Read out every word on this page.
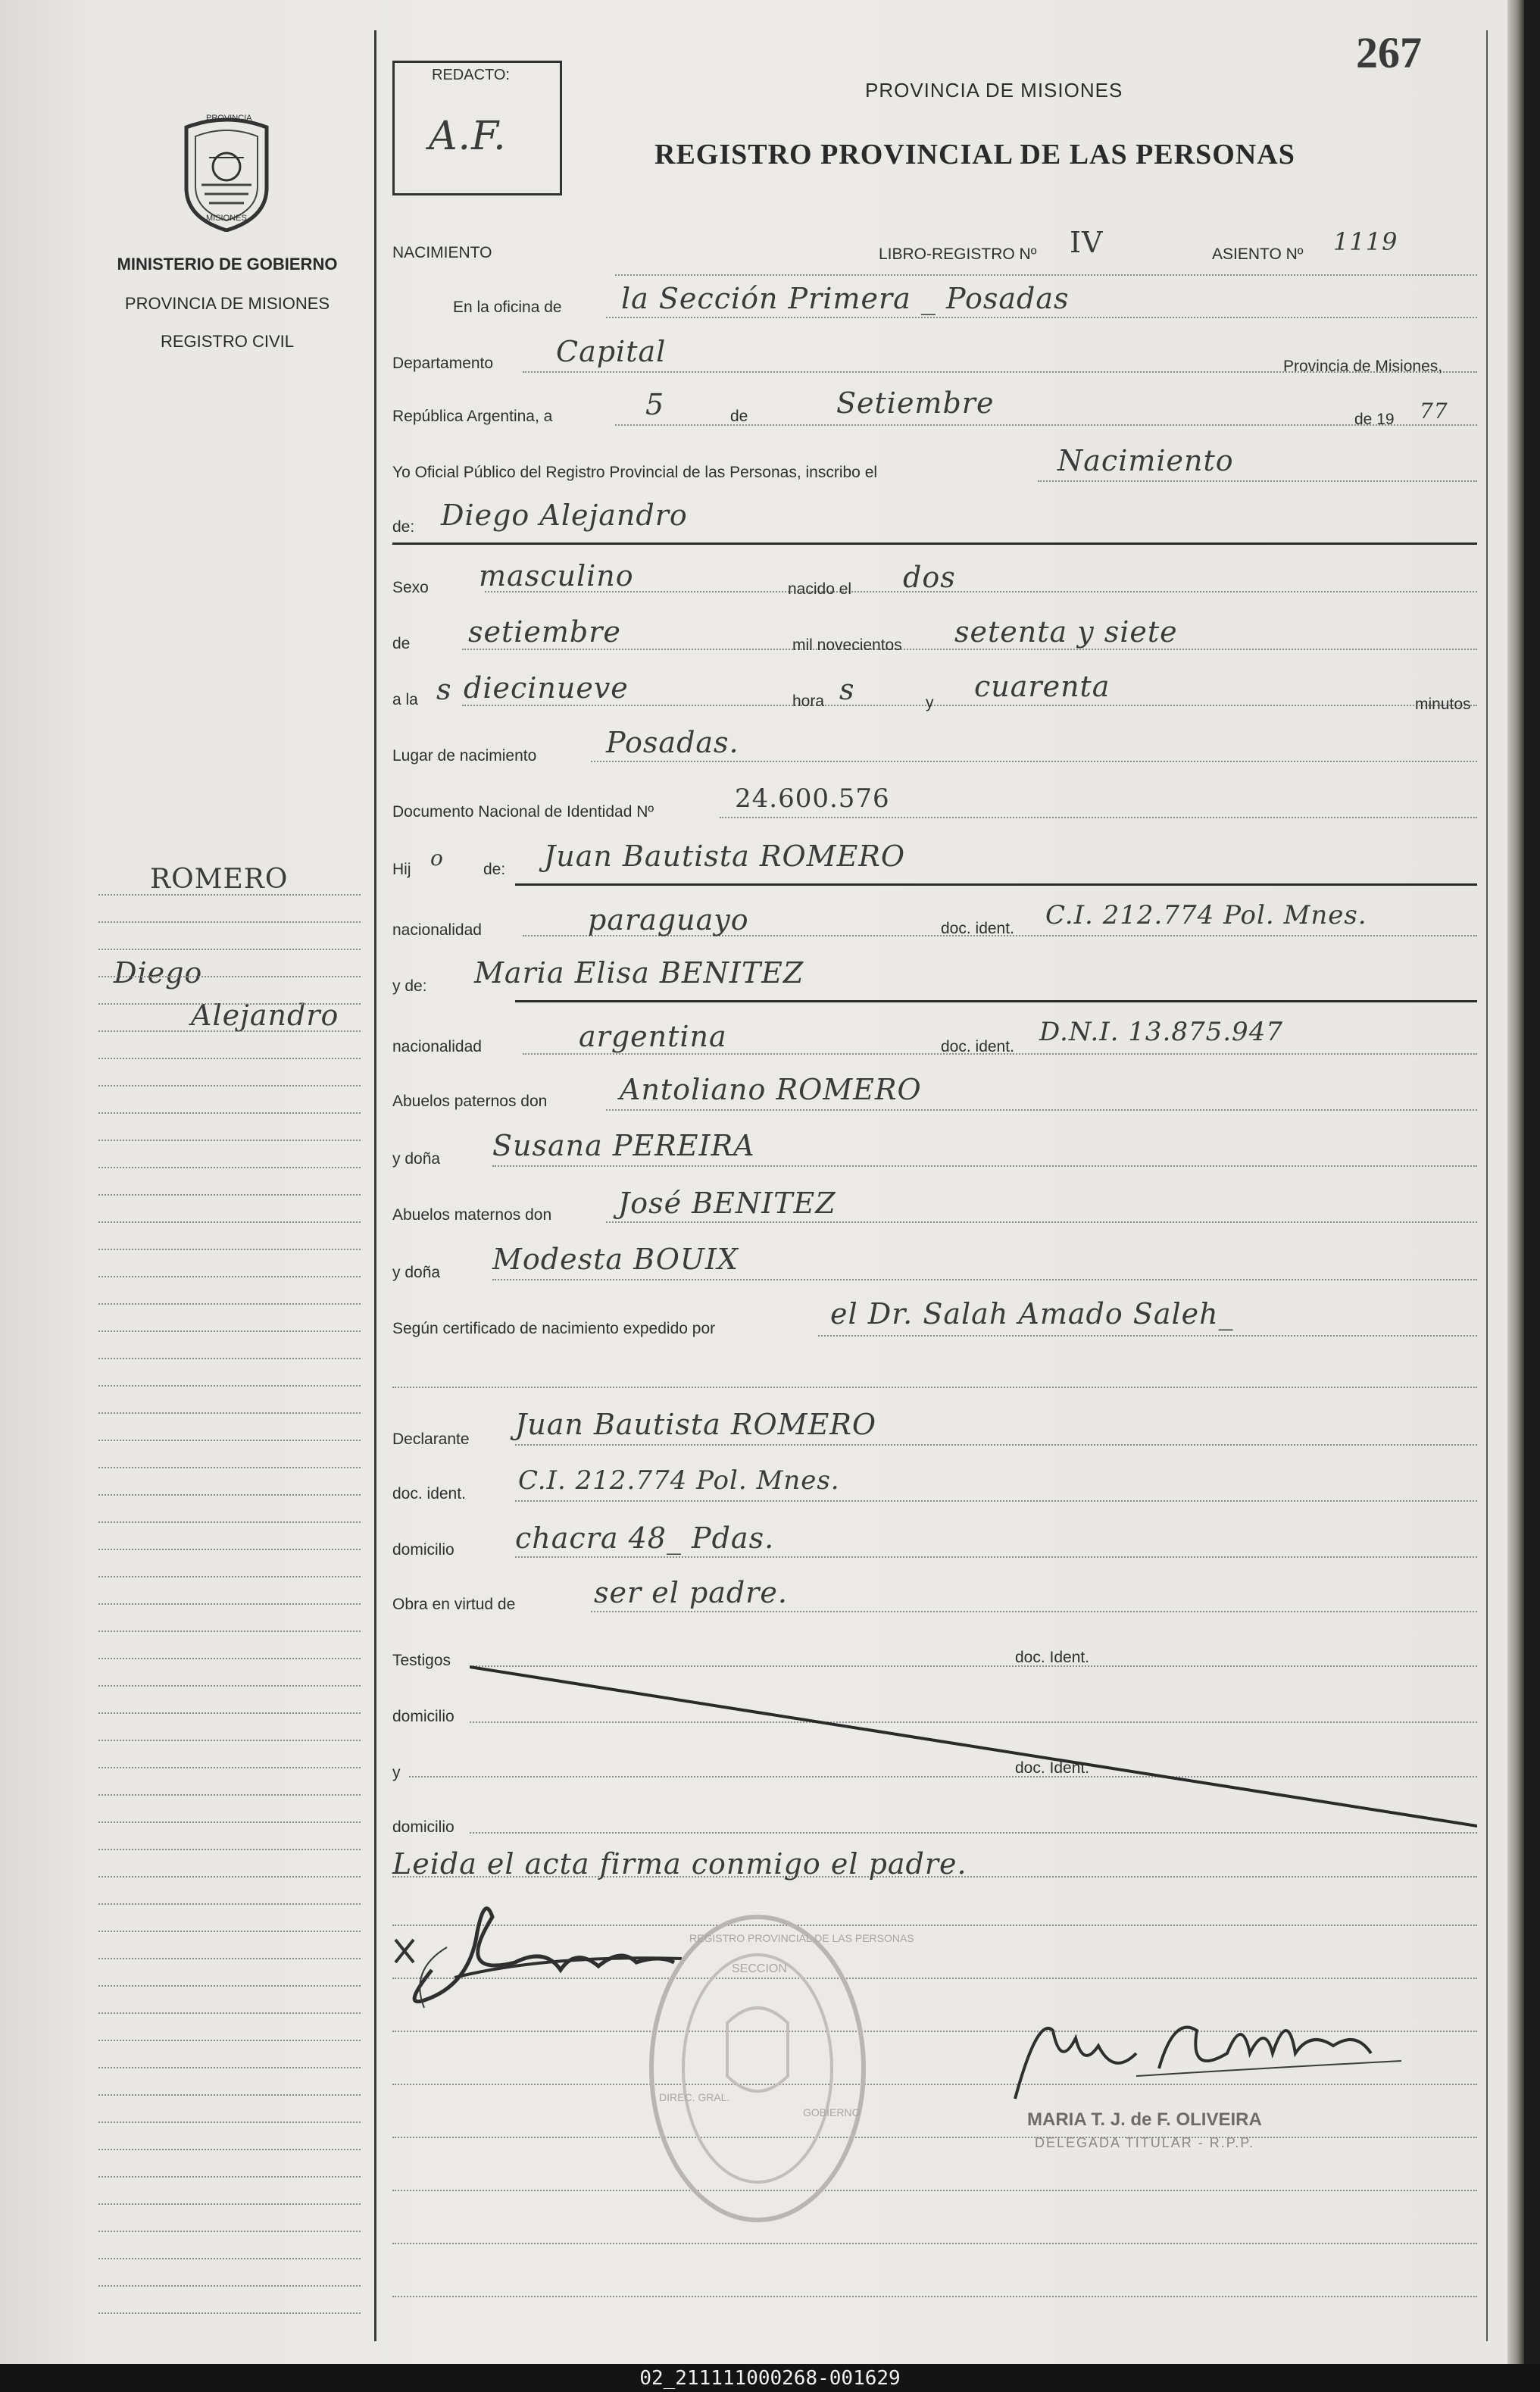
267
REDACTO:
A.F.
PROVINCIA DE MISIONES
REGISTRO PROVINCIAL DE LAS PERSONAS
PROVINCIA
MISIONES
MINISTERIO DE GOBIERNO
PROVINCIA DE MISIONES
REGISTRO CIVIL
ROMERO
Diego
Alejandro
NACIMIENTO	LIBRO-REGISTRO Nº IV	ASIENTO Nº 1119
En la oficina de la Sección Primera _ Posadas
Departamento Capital	Provincia de Misiones,
República Argentina, a	5	de	Setiembre	de 19 77
Yo Oficial Público del Registro Provincial de las Personas, inscribo el	Nacimiento
de: Diego Alejandro
Sexo masculino	nacido el dos
de setiembre	mil novecientos setenta y siete
a la s diecinueve	hora s	y cuarenta
minutos
Lugar de nacimiento Posadas.
Documento Nacional de Identidad Nº	24.600.576
Hij o de: Juan Bautista ROMERO
nacionalidad	paraguayo	doc. ident. C.I. 212.774 Pol. Mnes.
y de: Maria Elisa BENITEZ
nacionalidad	argentina	doc. ident. D.N.I. 13.875.947
Abuelos paternos don	Antoliano ROMERO
y doña Susana PEREIRA
Abuelos maternos don José BENITEZ
y doña Modesta BOUIX
Según certificado de nacimiento expedido por	el Dr. Salah Amado Saleh_
Declarante Juan Bautista ROMERO
doc. ident. C.I. 212.774 Pol. Mnes.
domicilio chacra 48_ Pdas.
Obra en virtud de	ser el padre.
Testigos	doc. Ident.
domicilio
y	doc. Ident.
domicilio
Leida el acta firma conmigo el padre.
REGISTRO PROVINCIAL DE LAS PERSONAS
SECCION
DIREC. GRAL.
GOBIERNO	MARIA T. J. de F. OLIVEIRA
DELEGADA TITULAR - R.P.P.
02_211111000268-001629
